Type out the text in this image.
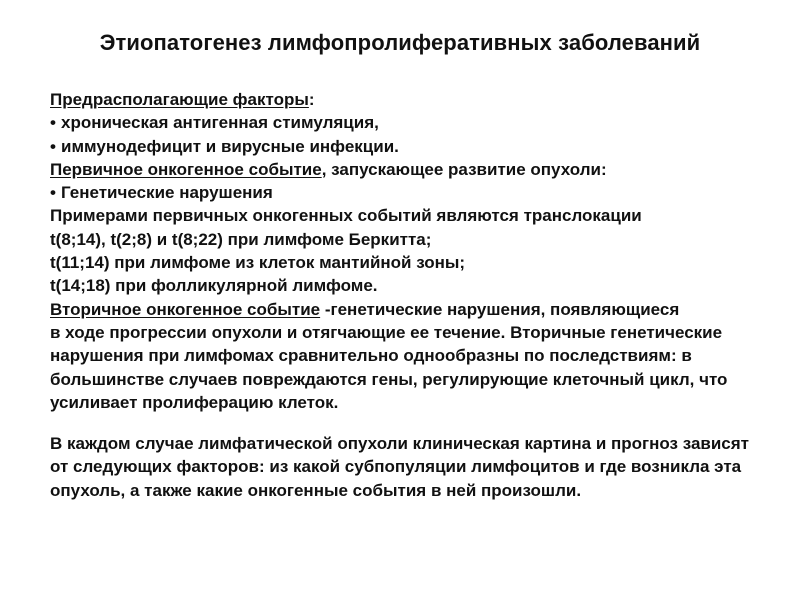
Этиопатогенез лимфопролиферативных заболеваний

Предрасполагающие факторы:

• хроническая антигенная стимуляция,

• иммунодефицит и вирусные инфекции.

Первичное онкогенное событие, запускающее развитие опухоли:

• Генетические нарушения

Примерами первичных онкогенных событий являются транслокации

t(8;14), t(2;8) и t(8;22) при лимфоме Беркитта;

t(11;14) при лимфоме из клеток мантийной зоны;

t(14;18) при фолликулярной лимфоме.

Вторичное онкогенное событие -генетические нарушения, появляющиеся
в ходе прогрессии опухоли и отягчающие ее течение. Вторичные генетические нарушения при лимфомах сравнительно однообразны по последствиям: в большинстве случаев повреждаются гены, регулирующие клеточный цикл, что усиливает пролиферацию клеток.

В каждом случае лимфатической опухоли клиническая картина и прогноз зависят от следующих факторов: из какой субпопуляции лимфоцитов и где возникла эта опухоль, а также какие онкогенные события в ней произошли.
